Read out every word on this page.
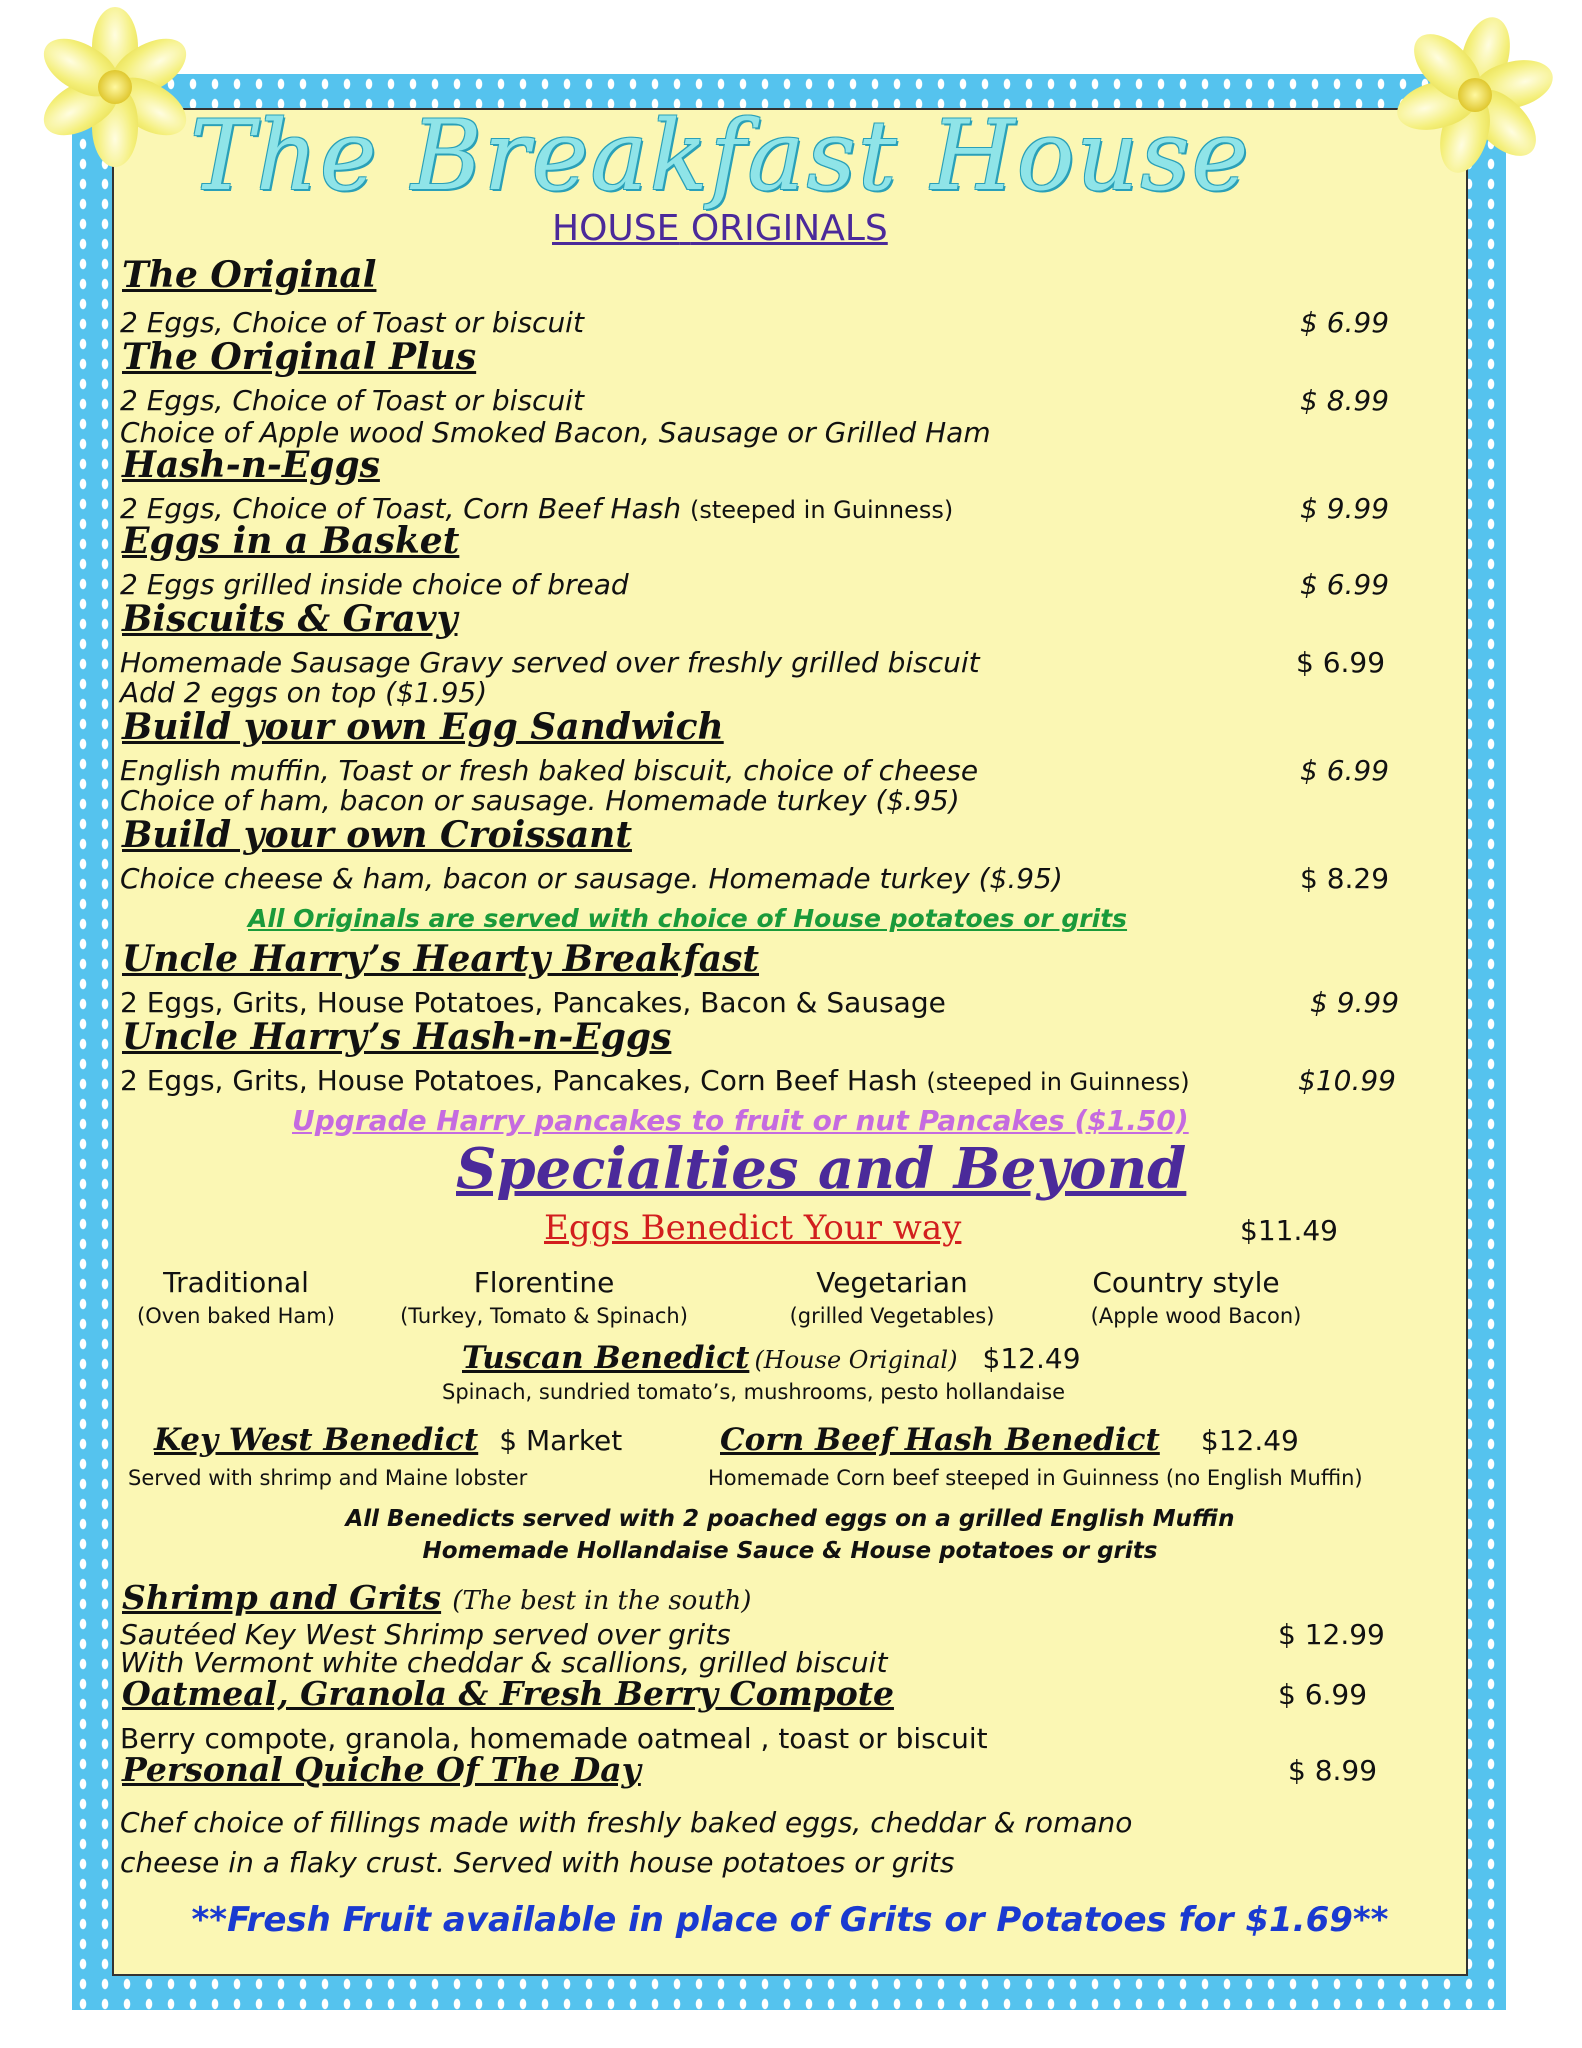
The Breakfast House
HOUSE ORIGINALS
The Original
2 Eggs, Choice of Toast or biscuit	$ 6.99
The Original Plus
2 Eggs, Choice of Toast or biscuit	$ 8.99
Choice of Apple wood Smoked Bacon, Sausage or Grilled Ham
Hash-n-Eggs
2 Eggs, Choice of Toast, Corn Beef Hash (steeped in Guinness)	$ 9.99
Eggs in a Basket
2 Eggs grilled inside choice of bread	$ 6.99
Biscuits & Gravy
Homemade Sausage Gravy served over freshly grilled biscuit	$ 6.99
Add 2 eggs on top ($1.95)
Build your own Egg Sandwich
English muffin, Toast or fresh baked biscuit, choice of cheese	$ 6.99
Choice of ham, bacon or sausage. Homemade turkey ($.95)
Build your own Croissant
Choice cheese & ham, bacon or sausage. Homemade turkey ($.95)	$ 8.29
All Originals are served with choice of House potatoes or grits
Uncle Harry’s Hearty Breakfast
2 Eggs, Grits, House Potatoes, Pancakes, Bacon & Sausage	$ 9.99
Uncle Harry’s Hash-n-Eggs
2 Eggs, Grits, House Potatoes, Pancakes, Corn Beef Hash (steeped in Guinness)	$10.99
Upgrade Harry pancakes to fruit or nut Pancakes ($1.50)
Specialties and Beyond
Eggs Benedict Your way	$11.49
Traditional
(Oven baked Ham)
Florentine
(Turkey, Tomato & Spinach)
Vegetarian
(grilled Vegetables)
Country style
(Apple wood Bacon)
Tuscan Benedict (House Original) $12.49
Spinach, sundried tomato’s, mushrooms, pesto hollandaise
Key West Benedict $ Market
Served with shrimp and Maine lobster
Corn Beef Hash Benedict $12.49
Homemade Corn beef steeped in Guinness (no English Muffin)
All Benedicts served with 2 poached eggs on a grilled English Muffin
Homemade Hollandaise Sauce & House potatoes or grits
Shrimp and Grits (The best in the south)
Sautéed Key West Shrimp served over grits	$ 12.99
With Vermont white cheddar & scallions, grilled biscuit
Oatmeal, Granola & Fresh Berry Compote	$ 6.99
Berry compote, granola, homemade oatmeal , toast or biscuit
Personal Quiche Of The Day	$ 8.99
Chef choice of fillings made with freshly baked eggs, cheddar & romano
cheese in a flaky crust. Served with house potatoes or grits
**Fresh Fruit available in place of Grits or Potatoes for $1.69**
